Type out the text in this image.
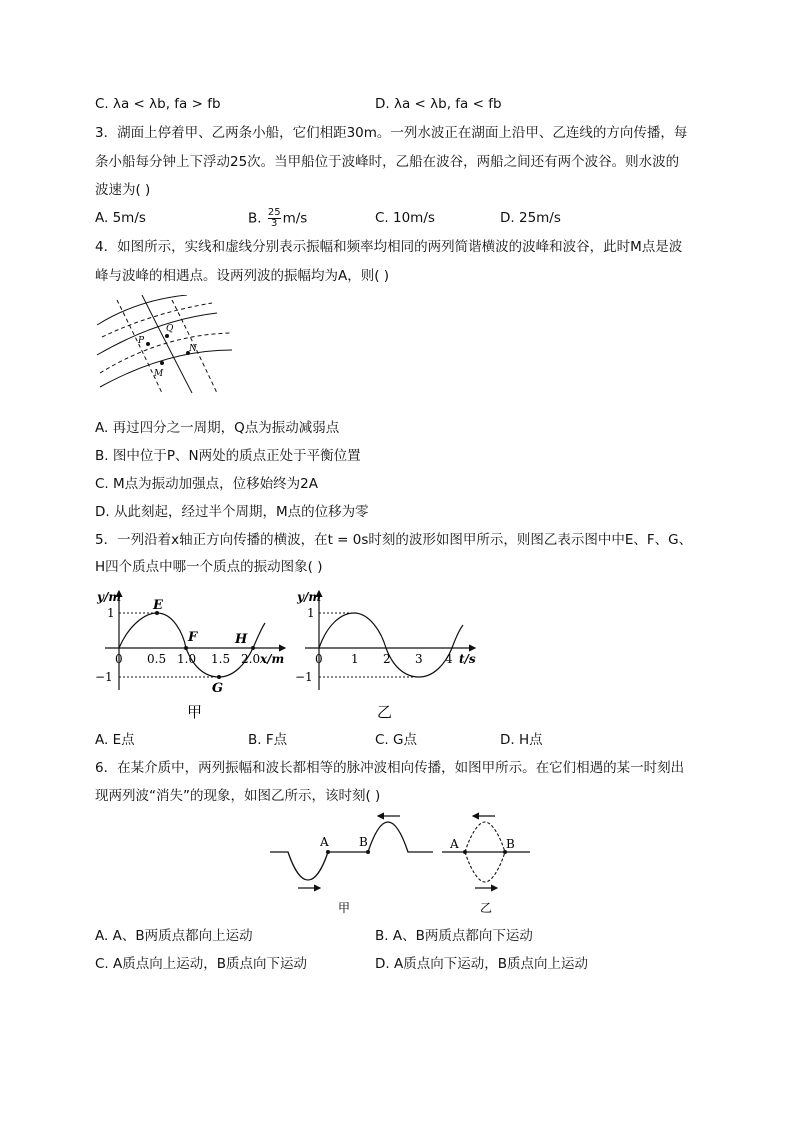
C. λa < λb, fa > fb	D. λa < λb, fa < fb
3．湖面上停着甲、乙两条小船，它们相距30m。一列水波正在湖面上沿甲、乙连线的方向传播，每
条小船每分钟上下浮动25次。当甲船位于波峰时，乙船在波谷，两船之间还有两个波谷。则水波的
波速为( )
A. 5m/s	B. $\frac{25}{3} m/s$	C. 10m/s	D. 25m/s
4．如图所示，实线和虚线分别表示振幅和频率均相同的两列简谐横波的波峰和波谷，此时M点是波
峰与波峰的相遇点。设两列波的振幅均为A，则( )
Q
P
N
M
A. 再过四分之一周期，Q点为振动减弱点
B. 图中位于P、N两处的质点正处于平衡位置
C. M点为振动加强点，位移始终为2A
D. 从此刻起，经过半个周期，M点的位移为零
5．一列沿着x轴正方向传播的横波，在t = 0s时刻的波形如图甲所示，则图乙表示图中中E、F、G、
H四个质点中哪一个质点的振动图象( )
y/m
x/m
1
−1
0 0.5 1.0 1.5 2.0
E
F
G
H
甲
y/m
t/s
1
−1
0 1 2 3 4
乙
A. E点	B. F点	C. G点	D. H点
6．在某介质中，两列振幅和波长都相等的脉冲波相向传播，如图甲所示。在它们相遇的某一时刻出
现两列波“消失”的现象，如图乙所示，该时刻( )
A	B
甲
A	B
乙
A. A、B两质点都向上运动	B. A、B两质点都向下运动
C. A质点向上运动，B质点向下运动	D. A质点向下运动，B质点向上运动
